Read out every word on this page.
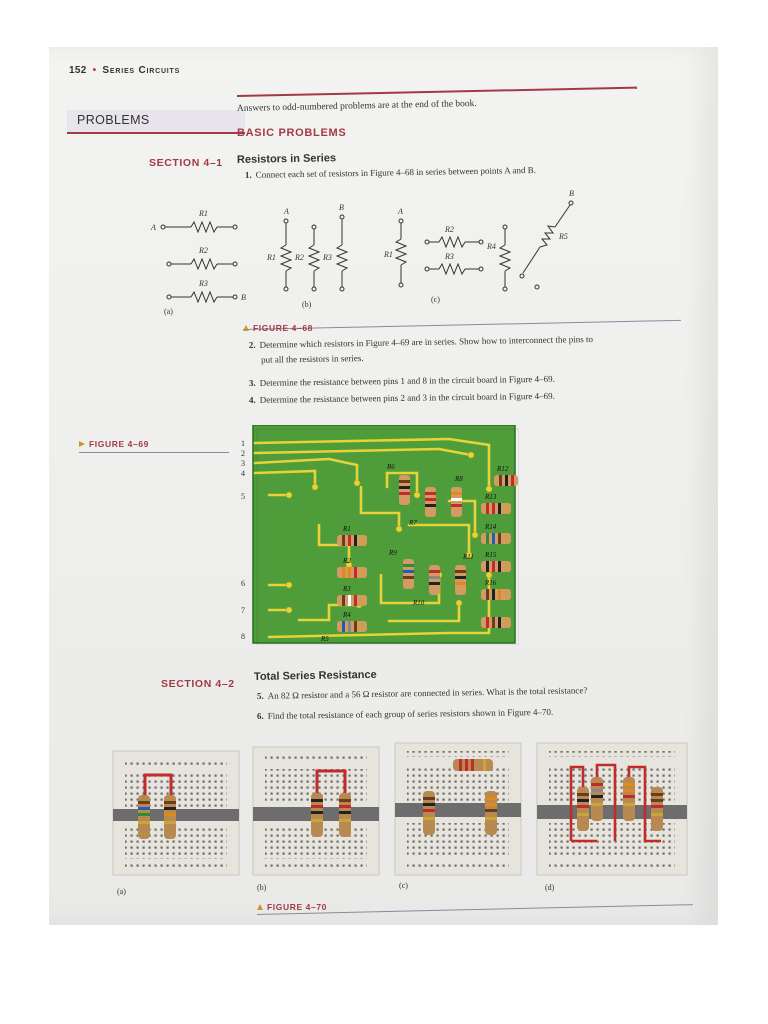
152 • Series Circuits
PROBLEMS
Answers to odd-numbered problems are at the end of the book.
BASIC PROBLEMS
SECTION 4–1 Resistors in Series
1. Connect each set of resistors in Figure 4–68 in series between points A and B.
A
R1
R2
R3
B
A	B
R1 R2 R3
A
R1
R2
R3
R4
R5
B
(a)
(b)
(c)
FIGURE 4–68
2. Determine which resistors in Figure 4–69 are in series. Show how to interconnect the pins to
put all the resistors in series.
3. Determine the resistance between pins 1 and 8 in the circuit board in Figure 4–69.
4. Determine the resistance between pins 2 and 3 in the circuit board in Figure 4–69.
FIGURE 4–69	1
2
3
4
5
6
7
8
R1
R2
R3
R4
R5
R6
R7
R8
R9
R10
R11
R12
R13
R14
R15
R16
SECTION 4–2
Total Series Resistance
5. An 82 Ω resistor and a 56 Ω resistor are connected in series. What is the total resistance?
6. Find the total resistance of each group of series resistors shown in Figure 4–70.
(a)	(b)	(c)	(d)
FIGURE 4–70
